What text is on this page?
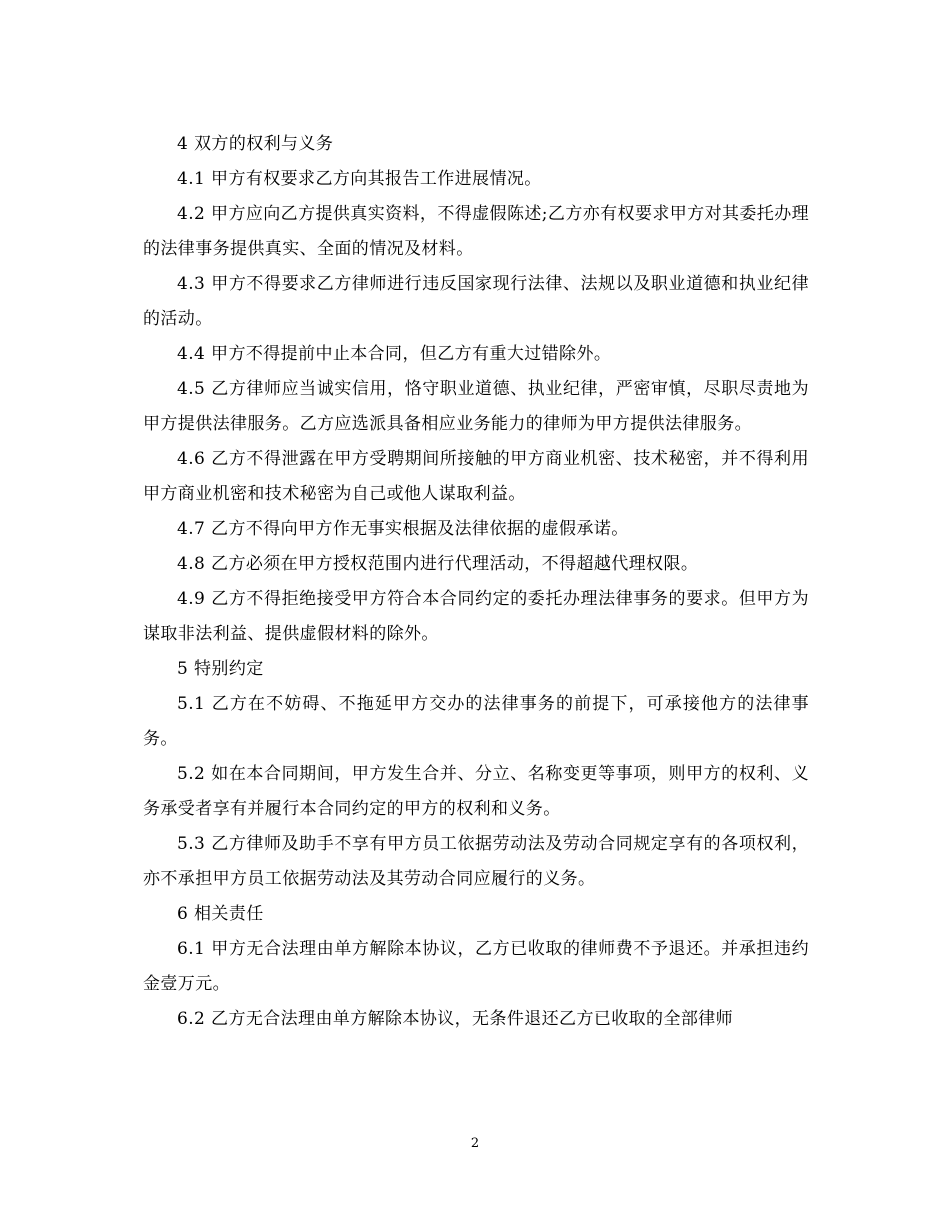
4 双方的权利与义务

4.1 甲方有权要求乙方向其报告工作进展情况。

4.2 甲方应向乙方提供真实资料，不得虚假陈述;乙方亦有权要求甲方对其委托办理的法律事务提供真实、全面的情况及材料。

4.3 甲方不得要求乙方律师进行违反国家现行法律、法规以及职业道德和执业纪律的活动。

4.4 甲方不得提前中止本合同，但乙方有重大过错除外。

4.5 乙方律师应当诚实信用，恪守职业道德、执业纪律，严密审慎，尽职尽责地为甲方提供法律服务。乙方应选派具备相应业务能力的律师为甲方提供法律服务。

4.6 乙方不得泄露在甲方受聘期间所接触的甲方商业机密、技术秘密，并不得利用甲方商业机密和技术秘密为自己或他人谋取利益。

4.7 乙方不得向甲方作无事实根据及法律依据的虚假承诺。

4.8 乙方必须在甲方授权范围内进行代理活动，不得超越代理权限。

4.9 乙方不得拒绝接受甲方符合本合同约定的委托办理法律事务的要求。但甲方为谋取非法利益、提供虚假材料的除外。

5 特别约定

5.1 乙方在不妨碍、不拖延甲方交办的法律事务的前提下，可承接他方的法律事务。

5.2 如在本合同期间，甲方发生合并、分立、名称变更等事项，则甲方的权利、义务承受者享有并履行本合同约定的甲方的权利和义务。

5.3 乙方律师及助手不享有甲方员工依据劳动法及劳动合同规定享有的各项权利，亦不承担甲方员工依据劳动法及其劳动合同应履行的义务。

6 相关责任

6.1 甲方无合法理由单方解除本协议，乙方已收取的律师费不予退还。并承担违约金壹万元。

6.2 乙方无合法理由单方解除本协议，无条件退还乙方已收取的全部律师

2
